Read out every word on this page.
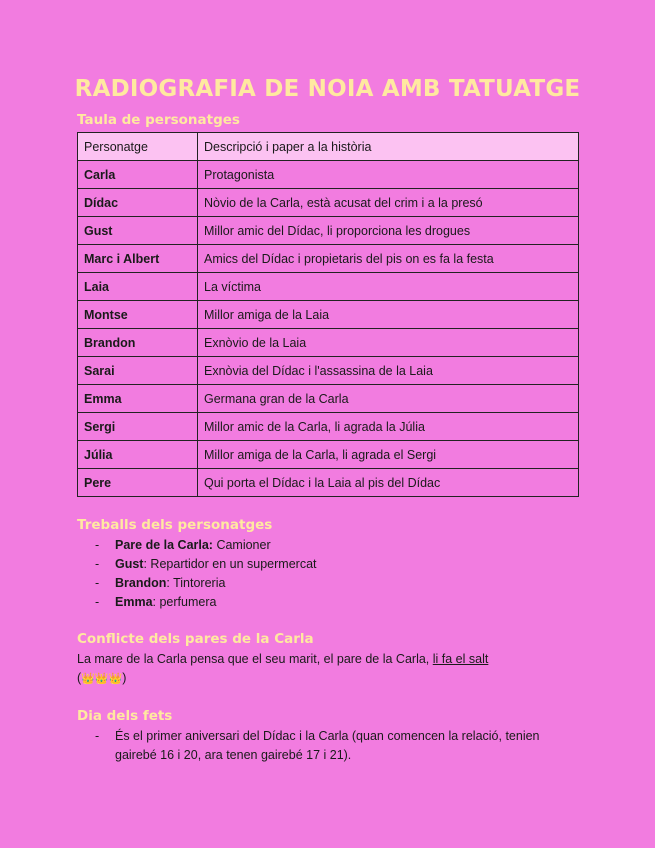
RADIOGRAFIA DE NOIA AMB TATUATGE
Taula de personatges
Personatge	Descripció i paper a la història
Carla	Protagonista
Dídac	Nòvio de la Carla, està acusat del crim i a la presó
Gust	Millor amic del Dídac, li proporciona les drogues
Marc i Albert	Amics del Dídac i propietaris del pis on es fa la festa
Laia	La víctima
Montse	Millor amiga de la Laia
Brandon	Exnòvio de la Laia
Sarai	Exnòvia del Dídac i l'assassina de la Laia
Emma	Germana gran de la Carla
Sergi	Millor amic de la Carla, li agrada la Júlia
Júlia	Millor amiga de la Carla, li agrada el Sergi
Pere	Qui porta el Dídac i la Laia al pis del Dídac
Treballs dels personatges
- Pare de la Carla: Camioner
- Gust: Repartidor en un supermercat
- Brandon: Tintoreria
- Emma: perfumera
Conflicte dels pares de la Carla
La mare de la Carla pensa que el seu marit, el pare de la Carla, li fa el salt
(👑👑👑)
Dia dels fets
- És el primer aniversari del Dídac i la Carla (quan comencen la relació, tenien gairebé 16 i 20, ara tenen gairebé 17 i 21).
